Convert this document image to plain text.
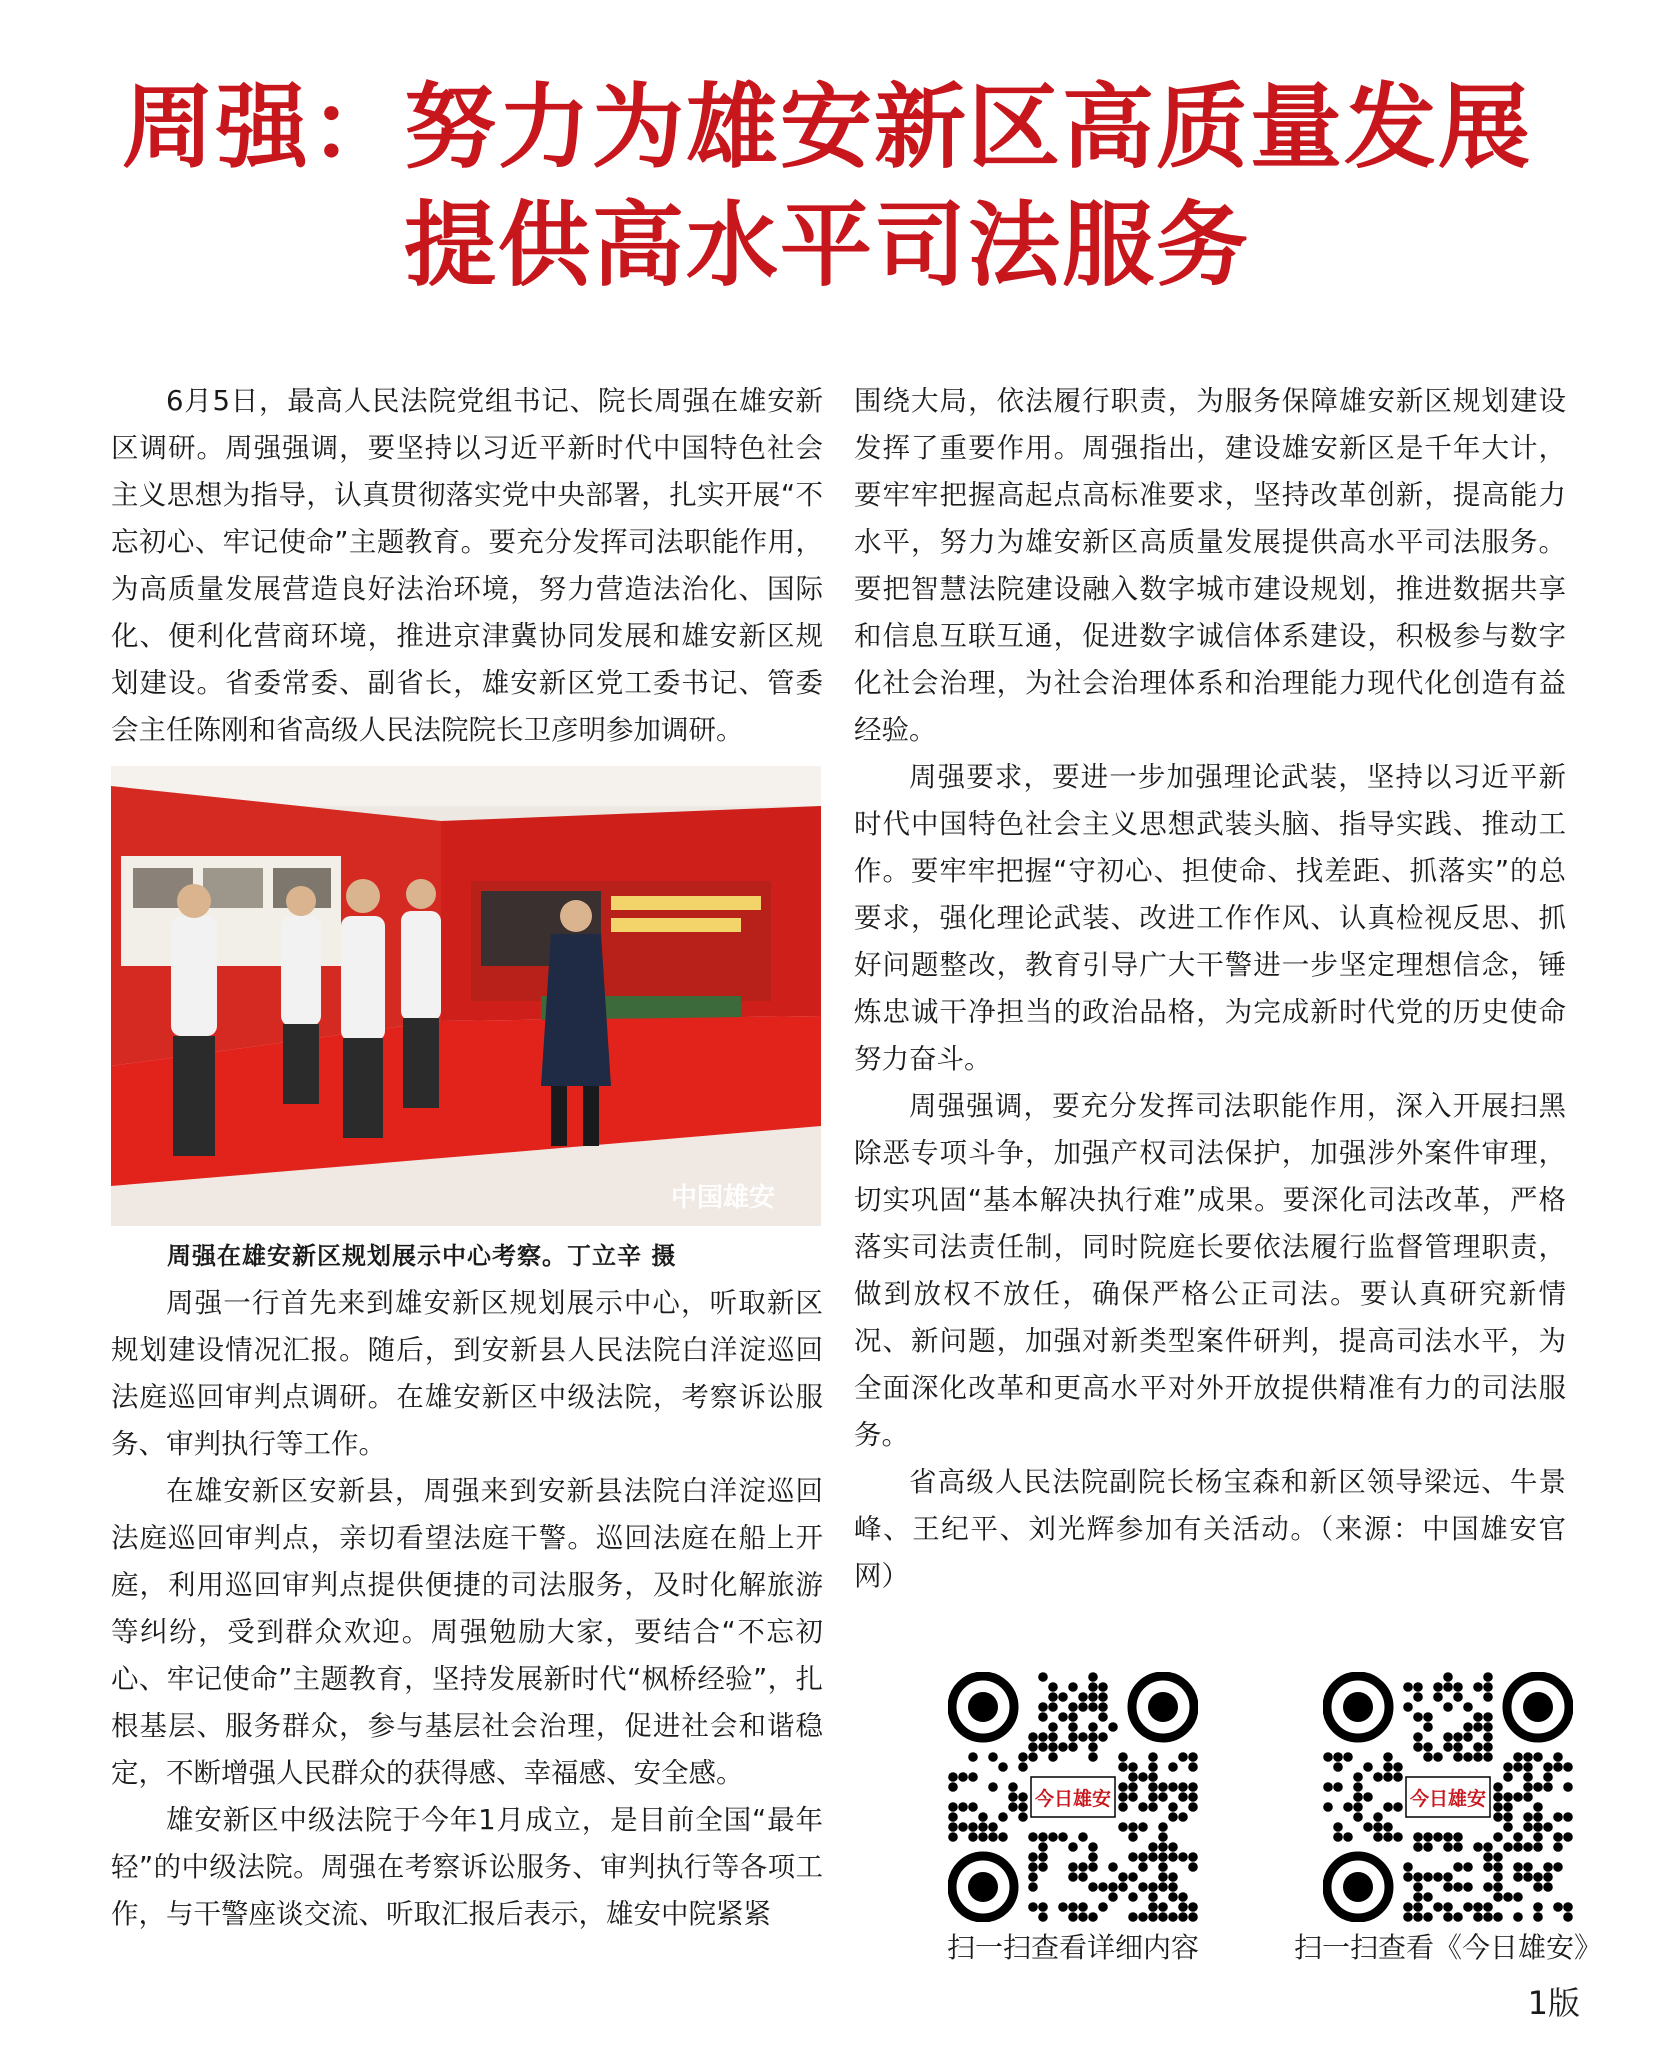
周强：努力为雄安新区高质量发展
提供高水平司法服务

6月5日，最高人民法院党组书记、院长周强在雄安新区调研。周强强调，要坚持以习近平新时代中国特色社会主义思想为指导，认真贯彻落实党中央部署，扎实开展“不忘初心、牢记使命”主题教育。要充分发挥司法职能作用，为高质量发展营造良好法治环境，努力营造法治化、国际化、便利化营商环境，推进京津冀协同发展和雄安新区规划建设。省委常委、副省长，雄安新区党工委书记、管委会主任陈刚和省高级人民法院院长卫彦明参加调研。

中国雄安
周强在雄安新区规划展示中心考察。丁立辛 摄

周强一行首先来到雄安新区规划展示中心，听取新区规划建设情况汇报。随后，到安新县人民法院白洋淀巡回法庭巡回审判点调研。在雄安新区中级法院，考察诉讼服务、审判执行等工作。

在雄安新区安新县，周强来到安新县法院白洋淀巡回法庭巡回审判点，亲切看望法庭干警。巡回法庭在船上开庭，利用巡回审判点提供便捷的司法服务，及时化解旅游等纠纷，受到群众欢迎。周强勉励大家，要结合“不忘初心、牢记使命”主题教育，坚持发展新时代“枫桥经验”，扎根基层、服务群众，参与基层社会治理，促进社会和谐稳定，不断增强人民群众的获得感、幸福感、安全感。

雄安新区中级法院于今年1月成立，是目前全国“最年轻”的中级法院。周强在考察诉讼服务、审判执行等各项工作，与干警座谈交流、听取汇报后表示，雄安中院紧紧

围绕大局，依法履行职责，为服务保障雄安新区规划建设发挥了重要作用。周强指出，建设雄安新区是千年大计，要牢牢把握高起点高标准要求，坚持改革创新，提高能力水平，努力为雄安新区高质量发展提供高水平司法服务。要把智慧法院建设融入数字城市建设规划，推进数据共享和信息互联互通，促进数字诚信体系建设，积极参与数字化社会治理，为社会治理体系和治理能力现代化创造有益经验。

周强要求，要进一步加强理论武装，坚持以习近平新时代中国特色社会主义思想武装头脑、指导实践、推动工作。要牢牢把握“守初心、担使命、找差距、抓落实”的总要求，强化理论武装、改进工作作风、认真检视反思、抓好问题整改，教育引导广大干警进一步坚定理想信念，锤炼忠诚干净担当的政治品格，为完成新时代党的历史使命努力奋斗。

周强强调，要充分发挥司法职能作用，深入开展扫黑除恶专项斗争，加强产权司法保护，加强涉外案件审理，切实巩固“基本解决执行难”成果。要深化司法改革，严格落实司法责任制，同时院庭长要依法履行监督管理职责，做到放权不放任，确保严格公正司法。要认真研究新情况、新问题，加强对新类型案件研判，提高司法水平，为全面深化改革和更高水平对外开放提供精准有力的司法服务。

省高级人民法院副院长杨宝森和新区领导梁远、牛景峰、王纪平、刘光辉参加有关活动。（来源：中国雄安官网）

今日雄安
扫一扫查看详细内容
今日雄安
扫一扫查看《今日雄安》
1版
